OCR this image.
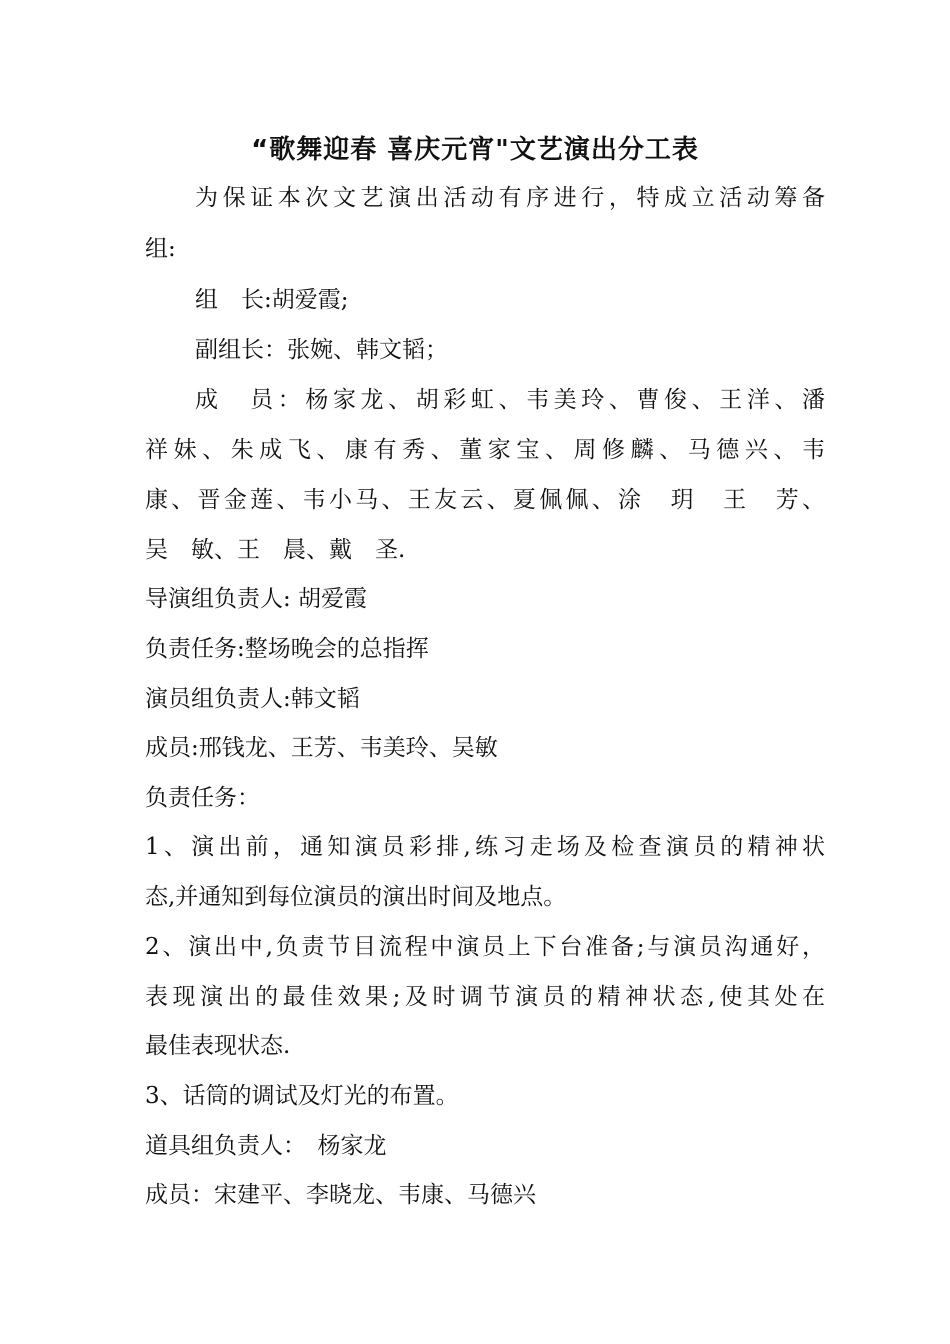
“歌舞迎春 喜庆元宵"文艺演出分工表
为保证本次文艺演出活动有序进行，特成立活动筹备
组:
组　长:胡爱霞;
副组长：张婉、韩文韬；
成　员：杨家龙、胡彩虹、韦美玲、曹俊、王洋、潘
祥妹、朱成飞、康有秀、董家宝、周修麟、马德兴、韦
康、晋金莲、韦小马、王友云、夏佩佩、涂　玥　王　芳、
吴　敏、王　晨、戴　圣.
导演组负责人: 胡爱霞
负责任务:整场晚会的总指挥
演员组负责人:韩文韬
成员:邢钱龙、王芳、韦美玲、吴敏
负责任务：
1、演出前，通知演员彩排,练习走场及检查演员的精神状
态,并通知到每位演员的演出时间及地点。
2、演出中,负责节目流程中演员上下台准备;与演员沟通好，
表现演出的最佳效果;及时调节演员的精神状态,使其处在
最佳表现状态.
3、话筒的调试及灯光的布置。
道具组负责人：　杨家龙
成员：宋建平、李晓龙、韦康、马德兴
